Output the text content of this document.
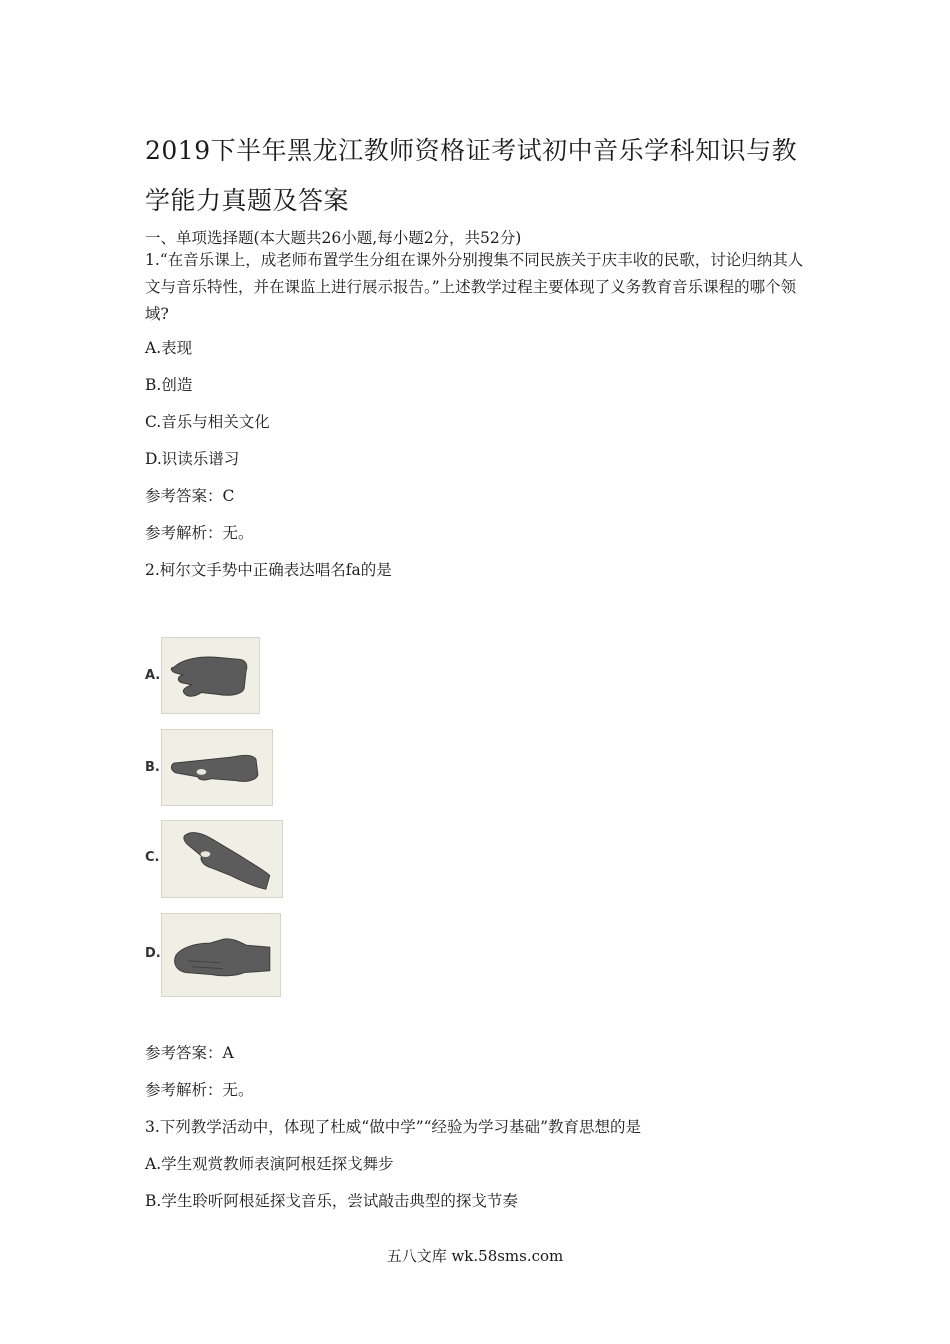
2019下半年黑龙江教师资格证考试初中音乐学科知识与教
学能力真题及答案
一、单项选择题(本大题共26小题,每小题2分，共52分)
1.“在音乐课上，成老师布置学生分组在课外分别搜集不同民族关于庆丰收的民歌，讨论归纳其人文与音乐特性，并在课监上进行展示报告。”上述教学过程主要体现了义务教育音乐课程的哪个领域?
A.表现
B.创造
C.音乐与相关文化
D.识读乐谱习
参考答案：C
参考解析：无。
2.柯尔文手势中正确表达唱名fa的是
A.
B.
C.
D.
参考答案：A
参考解析：无。
3.下列教学活动中，体现了杜威“做中学”“经验为学习基础”教育思想的是
A.学生观赏教师表演阿根廷探戈舞步
B.学生聆听阿根延探戈音乐，尝试敲击典型的探戈节奏
五八文库 wk.58sms.com
